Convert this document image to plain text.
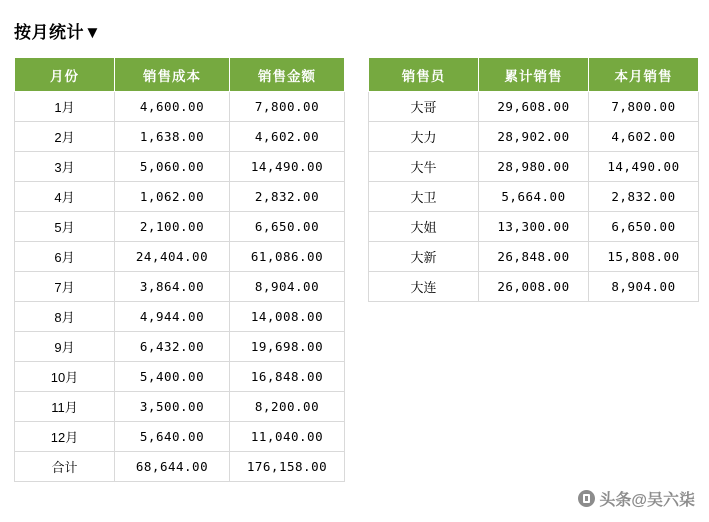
按月统计▼
月份	销售成本	销售金额
1月	4,600.00	7,800.00
2月	1,638.00	4,602.00
3月	5,060.00	14,490.00
4月	1,062.00	2,832.00
5月	2,100.00	6,650.00
6月	24,404.00	61,086.00
7月	3,864.00	8,904.00
8月	4,944.00	14,008.00
9月	6,432.00	19,698.00
10月	5,400.00	16,848.00
11月	3,500.00	8,200.00
12月	5,640.00	11,040.00
合计	68,644.00	176,158.00
销售员	累计销售	本月销售
大哥	29,608.00	7,800.00
大力	28,902.00	4,602.00
大牛	28,980.00	14,490.00
大卫	5,664.00	2,832.00
大姐	13,300.00	6,650.00
大新	26,848.00	15,808.00
大连	26,008.00	8,904.00
头条@吴六柒
